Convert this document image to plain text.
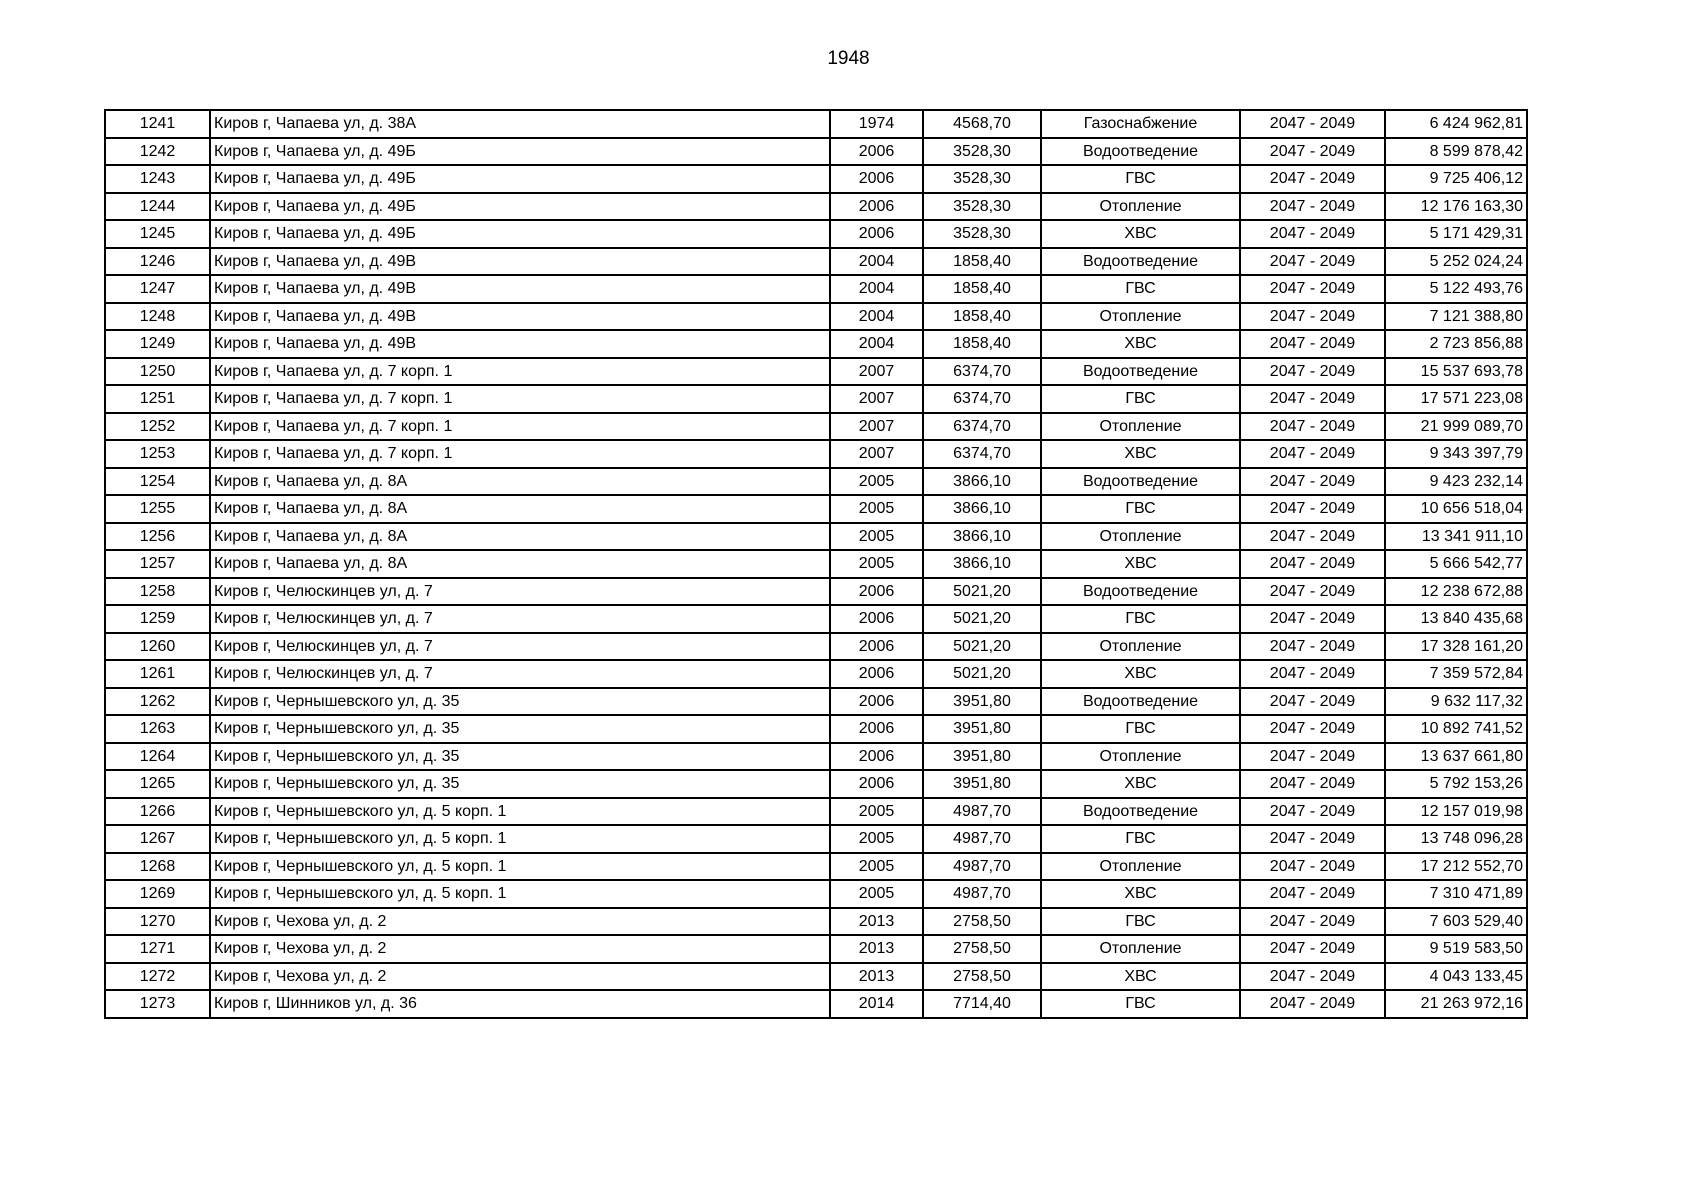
1948
1241	Киров г, Чапаева ул, д. 38А	1974	4568,70	Газоснабжение	2047 - 2049	6 424 962,81
1242	Киров г, Чапаева ул, д. 49Б	2006	3528,30	Водоотведение	2047 - 2049	8 599 878,42
1243	Киров г, Чапаева ул, д. 49Б	2006	3528,30	ГВС	2047 - 2049	9 725 406,12
1244	Киров г, Чапаева ул, д. 49Б	2006	3528,30	Отопление	2047 - 2049	12 176 163,30
1245	Киров г, Чапаева ул, д. 49Б	2006	3528,30	ХВС	2047 - 2049	5 171 429,31
1246	Киров г, Чапаева ул, д. 49В	2004	1858,40	Водоотведение	2047 - 2049	5 252 024,24
1247	Киров г, Чапаева ул, д. 49В	2004	1858,40	ГВС	2047 - 2049	5 122 493,76
1248	Киров г, Чапаева ул, д. 49В	2004	1858,40	Отопление	2047 - 2049	7 121 388,80
1249	Киров г, Чапаева ул, д. 49В	2004	1858,40	ХВС	2047 - 2049	2 723 856,88
1250	Киров г, Чапаева ул, д. 7 корп. 1	2007	6374,70	Водоотведение	2047 - 2049	15 537 693,78
1251	Киров г, Чапаева ул, д. 7 корп. 1	2007	6374,70	ГВС	2047 - 2049	17 571 223,08
1252	Киров г, Чапаева ул, д. 7 корп. 1	2007	6374,70	Отопление	2047 - 2049	21 999 089,70
1253	Киров г, Чапаева ул, д. 7 корп. 1	2007	6374,70	ХВС	2047 - 2049	9 343 397,79
1254	Киров г, Чапаева ул, д. 8А	2005	3866,10	Водоотведение	2047 - 2049	9 423 232,14
1255	Киров г, Чапаева ул, д. 8А	2005	3866,10	ГВС	2047 - 2049	10 656 518,04
1256	Киров г, Чапаева ул, д. 8А	2005	3866,10	Отопление	2047 - 2049	13 341 911,10
1257	Киров г, Чапаева ул, д. 8А	2005	3866,10	ХВС	2047 - 2049	5 666 542,77
1258	Киров г, Челюскинцев ул, д. 7	2006	5021,20	Водоотведение	2047 - 2049	12 238 672,88
1259	Киров г, Челюскинцев ул, д. 7	2006	5021,20	ГВС	2047 - 2049	13 840 435,68
1260	Киров г, Челюскинцев ул, д. 7	2006	5021,20	Отопление	2047 - 2049	17 328 161,20
1261	Киров г, Челюскинцев ул, д. 7	2006	5021,20	ХВС	2047 - 2049	7 359 572,84
1262	Киров г, Чернышевского ул, д. 35	2006	3951,80	Водоотведение	2047 - 2049	9 632 117,32
1263	Киров г, Чернышевского ул, д. 35	2006	3951,80	ГВС	2047 - 2049	10 892 741,52
1264	Киров г, Чернышевского ул, д. 35	2006	3951,80	Отопление	2047 - 2049	13 637 661,80
1265	Киров г, Чернышевского ул, д. 35	2006	3951,80	ХВС	2047 - 2049	5 792 153,26
1266	Киров г, Чернышевского ул, д. 5 корп. 1	2005	4987,70	Водоотведение	2047 - 2049	12 157 019,98
1267	Киров г, Чернышевского ул, д. 5 корп. 1	2005	4987,70	ГВС	2047 - 2049	13 748 096,28
1268	Киров г, Чернышевского ул, д. 5 корп. 1	2005	4987,70	Отопление	2047 - 2049	17 212 552,70
1269	Киров г, Чернышевского ул, д. 5 корп. 1	2005	4987,70	ХВС	2047 - 2049	7 310 471,89
1270	Киров г, Чехова ул, д. 2	2013	2758,50	ГВС	2047 - 2049	7 603 529,40
1271	Киров г, Чехова ул, д. 2	2013	2758,50	Отопление	2047 - 2049	9 519 583,50
1272	Киров г, Чехова ул, д. 2	2013	2758,50	ХВС	2047 - 2049	4 043 133,45
1273	Киров г, Шинников ул, д. 36	2014	7714,40	ГВС	2047 - 2049	21 263 972,16
